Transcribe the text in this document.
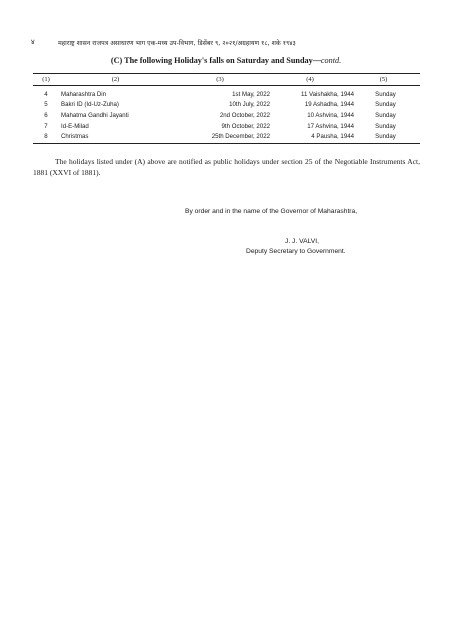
४	महाराष्ट्र शासन राजपत्र असाधारण भाग एक-मध्य उप-विभाग, डिसेंबर ९, २०२१/अग्रहायण १८, शके १९४३
(C) The following Holiday's falls on Saturday and Sunday—contd.
(1)	(2)	(3)	(4)	(5)
4	Maharashtra Din	1st May, 2022	11 Vaishakha, 1944	Sunday
5	Bakri ID (Id-Uz-Zuha)	10th July, 2022	19 Ashadha, 1944	Sunday
6	Mahatma Gandhi Jayanti	2nd October, 2022	10 Ashvina, 1944	Sunday
7	Id-E-Milad	9th October, 2022	17 Ashvina, 1944	Sunday
8	Christmas	25th December, 2022	4 Pausha, 1944	Sunday

The holidays listed under (A) above are notified as public holidays under section 25 of the Negotiable Instruments Act, 1881 (XXVI of 1881).

By order and in the name of the Governor of Maharashtra,
J. J. VALVI,
Deputy Secretary to Government.
